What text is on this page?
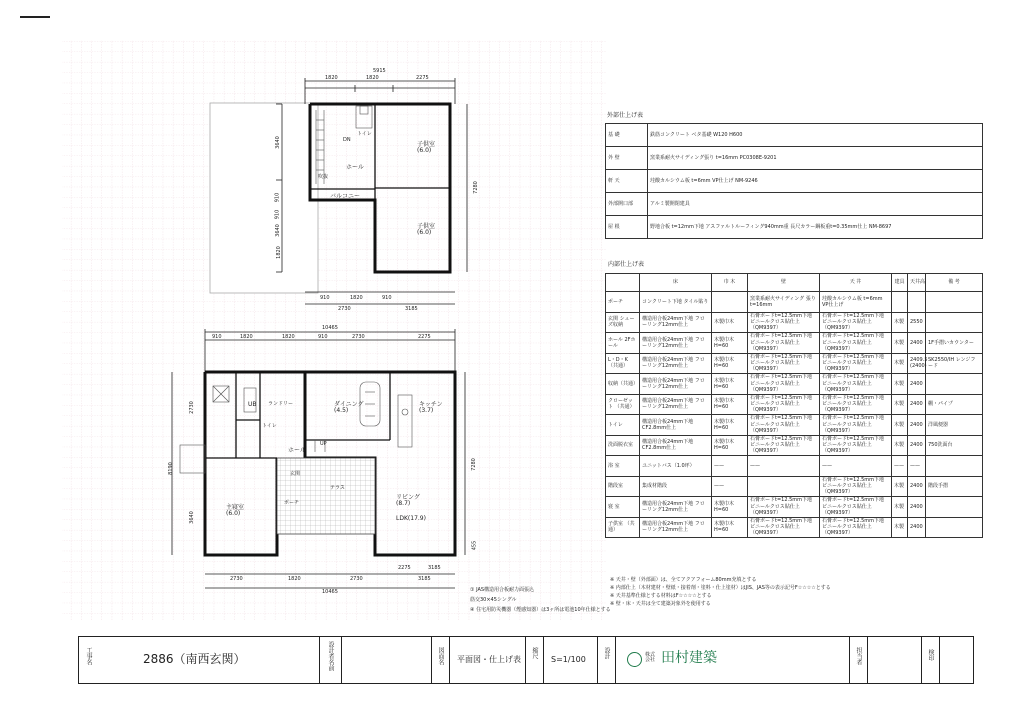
5915
1820	1820	2275
3640
910
910
3640
1820
7280
910	1820	910
2730	3185
子供室
(6.0)
子供室
(6.0)
ホール
トイレ
吹抜
バルコニー
DN
10465
910	1820	1820	910	2730	2275
2730
8190
3640
7280
455
2275	3185
2730	1820	2730	3185
10465
ダイニング
(4.5)
キッチン
(3.7)
リビング
(8.7)
LDK(17.9)
主寝室
(6.0)
UB
トイレ
ランドリー
ホール
玄関
ポーチ
テラス
UP
① JAS構造用合板耐力面張込
筋交30×45シングル
④ 住宅用防災機器（煙感知器）は3ヶ所は電池10年仕様とする
外部仕上げ表
基 礎	鉄筋コンクリート ベタ基礎 W120 H600
外 壁	窯業系耐火サイディング張り t=16mm PC0308E-9201
軒 天	珪酸カルシウム板 t=6mm VP仕上げ NM-9246
外部開口部	アルミ製開閉建具
屋 根	野地合板 t=12mm下地 アスファルトルーフィング940mm重 長尺カラー鋼板重t=0.35mm仕上 NM-8697
内部仕上げ表
	床	巾 木	壁	天 井	建具	天井高	備 考
ポーチ	コンクリート下地 タイル貼り		窯業系耐火サイディング 張り t=16mm	珪酸カルシウム板 t=6mm VP仕上げ			
玄関 シューズ収納	構造用合板24mm下地 フローリング12mm仕上	木製巾木	石膏ボードt=12.5mm下地 ビニールクロス貼仕上（QM9397）	石膏ボードt=12.5mm下地 ビニールクロス貼仕上（QM9397）	木製	2550	
ホール 2Fホール	構造用合板24mm下地 フローリング12mm仕上	木製巾木H=60	石膏ボードt=12.5mm下地 ビニールクロス貼仕上（QM9397）	石膏ボードt=12.5mm下地 ビニールクロス貼仕上（QM9397）	木製	2400	1F手摺いカウンター
L・D・K （共通）	構造用合板24mm下地 フローリング12mm仕上	木製巾木H=60	石膏ボードt=12.5mm下地 ビニールクロス貼仕上（QM9397）	石膏ボードt=12.5mm下地 ビニールクロス貼仕上（QM9397）	木製	2409.5 (2400)	SK2550/IH レンジフード
収納（共通）	構造用合板24mm下地 フローリング12mm仕上	木製巾木H=60	石膏ボードt=12.5mm下地 ビニールクロス貼仕上（QM9397）	石膏ボードt=12.5mm下地 ビニールクロス貼仕上（QM9397）	木製	2400	
クローゼット （共通）	構造用合板24mm下地 フローリング12mm仕上	木製巾木H=60	石膏ボードt=12.5mm下地 ビニールクロス貼仕上（QM9397）	石膏ボードt=12.5mm下地 ビニールクロス貼仕上（QM9397）	木製	2400	棚・パイプ
トイレ	構造用合板24mm下地 CF2.8mm仕上	木製巾木H=60	石膏ボードt=12.5mm下地 ビニールクロス貼仕上（QM9397）	石膏ボードt=12.5mm下地 ビニールクロス貼仕上（QM9397）	木製	2400	洋風便器
洗面脱衣室	構造用合板24mm下地 CF2.8mm仕上	木製巾木H=60	石膏ボードt=12.5mm下地 ビニールクロス貼仕上（QM9397）	石膏ボードt=12.5mm下地 ビニールクロス貼仕上（QM9397）	木製	2400	750洗面台
浴 室	ユニットバス（1.0坪）	——	——	——	——	——	
階段室	集成材階段	——		石膏ボードt=12.5mm下地 ビニールクロス貼仕上（QM9397）	木製	2400	階段手摺
寝 室	構造用合板24mm下地 フローリング12mm仕上	木製巾木H=60	石膏ボードt=12.5mm下地 ビニールクロス貼仕上（QM9397）	石膏ボードt=12.5mm下地 ビニールクロス貼仕上（QM9397）	木製	2400	
子供室 （共通）	構造用合板24mm下地 フローリング12mm仕上	木製巾木H=60	石膏ボードt=12.5mm下地 ビニールクロス貼仕上（QM9397）	石膏ボードt=12.5mm下地 ビニールクロス貼仕上（QM9397）	木製	2400	
※ 天井・壁（外部面）は、全てアクアフォーム80mm充填とする
※ 内部仕上（木材建材・壁紙・接着剤・塗料・仕上塗材）はJIS、JAS等の表示記号F☆☆☆☆とする
※ 天井基準仕様とする材料はF☆☆☆☆とする
※ 壁・床・天井は全て建築対象外を使用する
工事名	2886（南西玄関）	設計者名前	図面名 平面図・仕上げ表
縮尺
S=1/100
設計	株式会社 田村建築	担当者	検印
